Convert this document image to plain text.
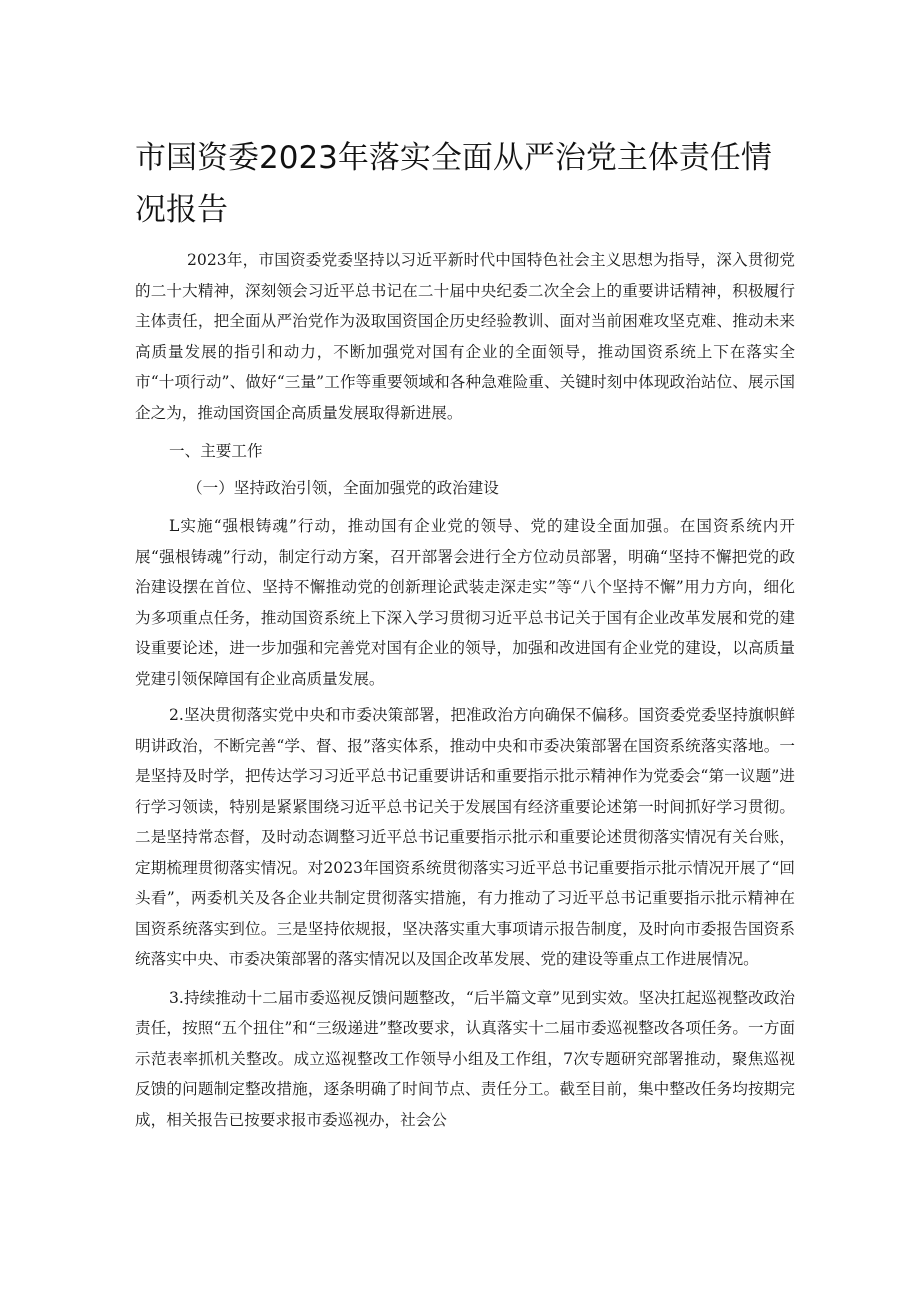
市国资委2023年落实全面从严治党主体责任情况报告

2023年，市国资委党委坚持以习近平新时代中国特色社会主义思想为指导，深入贯彻党的二十大精神，深刻领会习近平总书记在二十届中央纪委二次全会上的重要讲话精神，积极履行主体责任，把全面从严治党作为汲取国资国企历史经验教训、面对当前困难攻坚克难、推动未来高质量发展的指引和动力，不断加强党对国有企业的全面领导，推动国资系统上下在落实全市“十项行动”、做好“三量”工作等重要领域和各种急难险重、关键时刻中体现政治站位、展示国企之为，推动国资国企高质量发展取得新进展。

一、主要工作

（一）坚持政治引领，全面加强党的政治建设

L实施“强根铸魂”行动，推动国有企业党的领导、党的建设全面加强。在国资系统内开展“强根铸魂”行动，制定行动方案，召开部署会进行全方位动员部署，明确“坚持不懈把党的政治建设摆在首位、坚持不懈推动党的创新理论武装走深走实”等“八个坚持不懈”用力方向，细化为多项重点任务，推动国资系统上下深入学习贯彻习近平总书记关于国有企业改革发展和党的建设重要论述，进一步加强和完善党对国有企业的领导，加强和改进国有企业党的建设，以高质量党建引领保障国有企业高质量发展。

2.坚决贯彻落实党中央和市委决策部署，把准政治方向确保不偏移。国资委党委坚持旗帜鲜明讲政治，不断完善“学、督、报”落实体系，推动中央和市委决策部署在国资系统落实落地。一是坚持及时学，把传达学习习近平总书记重要讲话和重要指示批示精神作为党委会“第一议题”进行学习领读，特别是紧紧围绕习近平总书记关于发展国有经济重要论述第一时间抓好学习贯彻。二是坚持常态督，及时动态调整习近平总书记重要指示批示和重要论述贯彻落实情况有关台账，定期梳理贯彻落实情况。对2023年国资系统贯彻落实习近平总书记重要指示批示情况开展了“回头看”，两委机关及各企业共制定贯彻落实措施，有力推动了习近平总书记重要指示批示精神在国资系统落实到位。三是坚持依规报，坚决落实重大事项请示报告制度，及时向市委报告国资系统落实中央、市委决策部署的落实情况以及国企改革发展、党的建设等重点工作进展情况。

3.持续推动十二届市委巡视反馈问题整改，“后半篇文章”见到实效。坚决扛起巡视整改政治责任，按照“五个扭住”和“三级递进”整改要求，认真落实十二届市委巡视整改各项任务。一方面示范表率抓机关整改。成立巡视整改工作领导小组及工作组，7次专题研究部署推动，聚焦巡视反馈的问题制定整改措施，逐条明确了时间节点、责任分工。截至目前，集中整改任务均按期完成，相关报告已按要求报市委巡视办，社会公
